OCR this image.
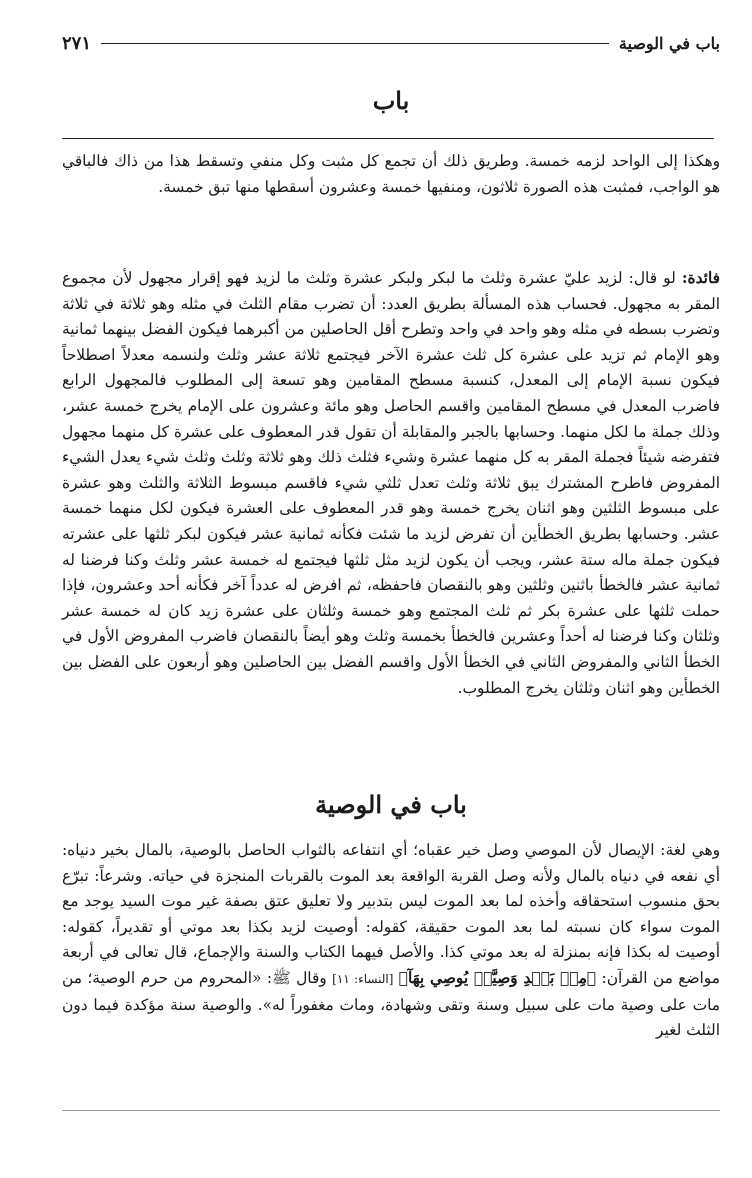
باب في الوصية
٢٧١
باب

وهكذا إلى الواحد لزمه خمسة. وطريق ذلك أن تجمع كل مثبت وكل منفي وتسقط هذا من ذاك فالباقي هو الواجب، فمثبت هذه الصورة ثلاثون، ومنفيها خمسة وعشرون أسقطها منها تبق خمسة.

فائدة: لو قال: لزيد عليّ عشرة وثلث ما لبكر ولبكر عشرة وثلث ما لزيد فهو إقرار مجهول لأن مجموع المقر به مجهول. فحساب هذه المسألة بطريق العدد: أن تضرب مقام الثلث في مثله وهو ثلاثة في ثلاثة وتضرب بسطه في مثله وهو واحد في واحد وتطرح أقل الحاصلين من أكبرهما فيكون الفضل بينهما ثمانية وهو الإمام ثم تزيد على عشرة كل ثلث عشرة الآخر فيجتمع ثلاثة عشر وثلث ولنسمه معدلاً اصطلاحاً فيكون نسبة الإمام إلى المعدل، كنسبة مسطح المقامين وهو تسعة إلى المطلوب فالمجهول الرابع فاضرب المعدل في مسطح المقامين واقسم الحاصل وهو مائة وعشرون على الإمام يخرج خمسة عشر، وذلك جملة ما لكل منهما. وحسابها بالجبر والمقابلة أن تقول قدر المعطوف على عشرة كل منهما مجهول فتفرضه شيئاً فجملة المقر به كل منهما عشرة وشيء فثلث ذلك وهو ثلاثة وثلث وثلث شيء يعدل الشيء المفروض فاطرح المشترك يبق ثلاثة وثلث تعدل ثلثي شيء فاقسم مبسوط الثلاثة والثلث وهو عشرة على مبسوط الثلثين وهو اثنان يخرج خمسة وهو قدر المعطوف على العشرة فيكون لكل منهما خمسة عشر. وحسابها بطريق الخطأين أن تفرض لزيد ما شئت فكأنه ثمانية عشر فيكون لبكر ثلثها على عشرته فيكون جملة ماله ستة عشر، ويجب أن يكون لزيد مثل ثلثها فيجتمع له خمسة عشر وثلث وكنا فرضنا له ثمانية عشر فالخطأ باثنين وثلثين وهو بالنقصان فاحفظه، ثم افرض له عدداً آخر فكأنه أحد وعشرون، فإذا حملت ثلثها على عشرة بكر ثم ثلث المجتمع وهو خمسة وثلثان على عشرة زيد كان له خمسة عشر وثلثان وكنا فرضنا له أحداً وعشرين فالخطأ بخمسة وثلث وهو أيضاً بالنقصان فاضرب المفروض الأول في الخطأ الثاني والمفروض الثاني في الخطأ الأول واقسم الفضل بين الحاصلين وهو أربعون على الفضل بين الخطأين وهو اثنان وثلثان يخرج المطلوب.

باب في الوصية

وهي لغة: الإيصال لأن الموصي وصل خير عقباه؛ أي انتفاعه بالثواب الحاصل بالوصية، بالمال بخير دنياه: أي نفعه في دنياه بالمال ولأنه وصل القربة الواقعة بعد الموت بالقربات المنجزة في حياته. وشرعاً: تبرّع بحق منسوب استحقاقه وأخذه لما بعد الموت ليس بتدبير ولا تعليق عتق بصفة غير موت السيد يوجد مع الموت سواء كان نسبته لما بعد الموت حقيقة، كقوله: أوصيت لزيد بكذا بعد موتي أو تقديراً، كقوله: أوصيت له بكذا فإنه بمنزلة له بعد موتي كذا. والأصل فيهما الكتاب والسنة والإجماع، قال تعالى في أربعة مواضع من القرآن: ﴿مِنۢ بَعۡدِ وَصِيَّةٖ يُوصِي بِهَآ﴾ [النساء: ١١] وقال ﷺ: «المحروم من حرم الوصية؛ من مات على وصية مات على سبيل وسنة وتقى وشهادة، ومات مغفوراً له». والوصية سنة مؤكدة فيما دون الثلث لغير
